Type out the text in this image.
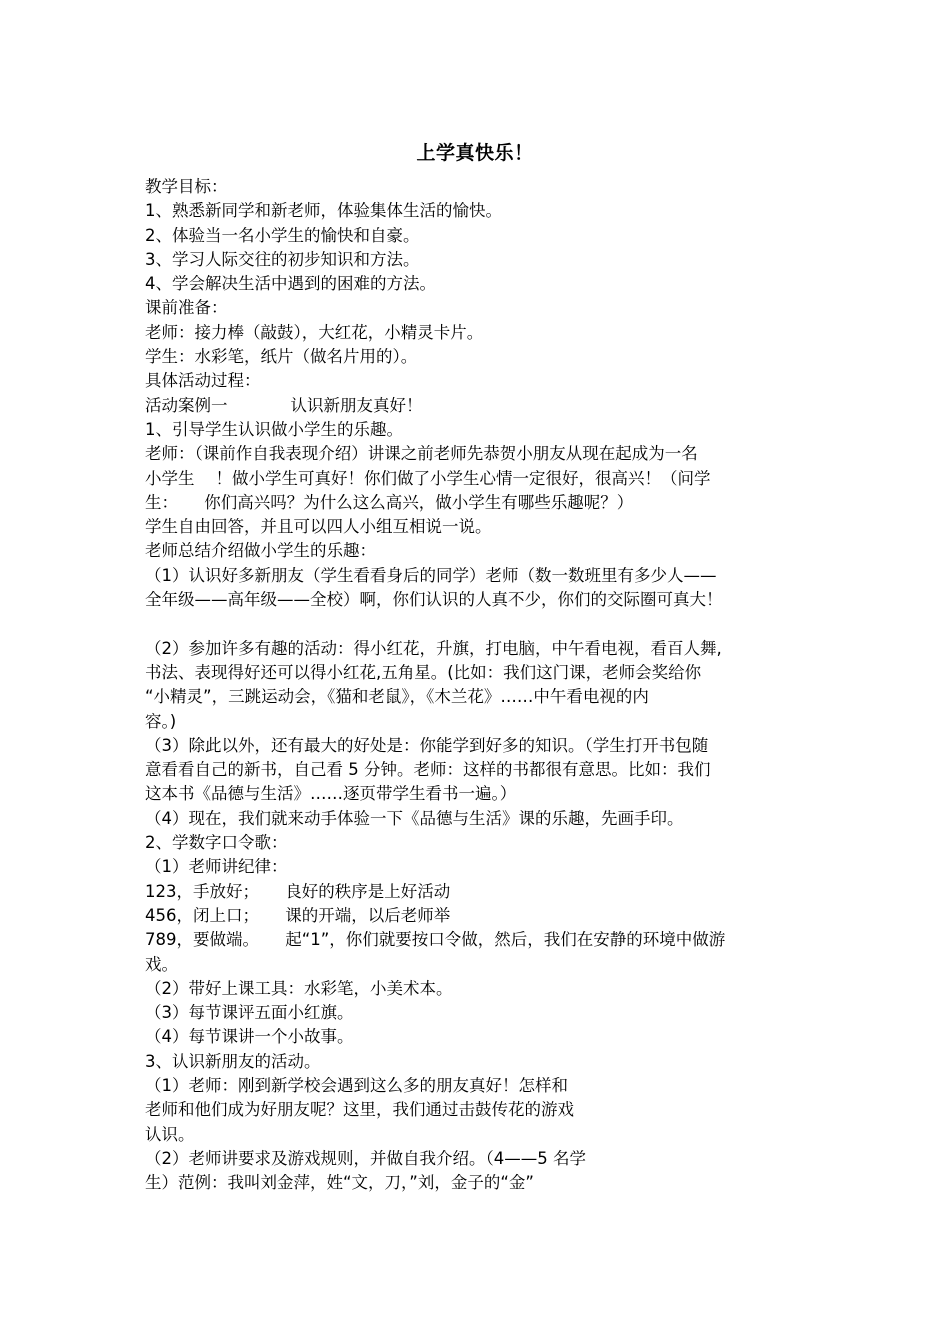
上学真快乐！
教学目标：
1、熟悉新同学和新老师，体验集体生活的愉快。
2、体验当一名小学生的愉快和自豪。
3、学习人际交往的初步知识和方法。
4、学会解决生活中遇到的困难的方法。
课前准备：
老师：接力棒（敲鼓），大红花，小精灵卡片。
学生：水彩笔，纸片（做名片用的）。
具体活动过程：
活动案例一            认识新朋友真好！
1、引导学生认识做小学生的乐趣。
老师：（课前作自我表现介绍）讲课之前老师先恭贺小朋友从现在起成为一名
小学生    ！做小学生可真好！你们做了小学生心情一定很好，很高兴！（问学
生：     你们高兴吗？为什么这么高兴，做小学生有哪些乐趣呢？）
学生自由回答，并且可以四人小组互相说一说。
老师总结介绍做小学生的乐趣：
（1）认识好多新朋友（学生看看身后的同学）老师（数一数班里有多少人——
全年级——高年级——全校）啊，你们认识的人真不少，你们的交际圈可真大！
（2）参加许多有趣的活动：得小红花，升旗，打电脑，中午看电视，看百人舞,
书法、表现得好还可以得小红花,五角星。(比如：我们这门课，老师会奖给你
“小精灵”，三跳运动会，《猫和老鼠》，《木兰花》……中午看电视的内
容。)
（3）除此以外，还有最大的好处是：你能学到好多的知识。（学生打开书包随
意看看自己的新书，自己看 5 分钟。老师：这样的书都很有意思。比如：我们
这本书《品德与生活》……逐页带学生看书一遍。）
（4）现在，我们就来动手体验一下《品德与生活》课的乐趣，先画手印。
2、学数字口令歌：
（1）老师讲纪律：
123，手放好；     良好的秩序是上好活动
456，闭上口；     课的开端，以后老师举
789，要做端。     起“1”，你们就要按口令做，然后，我们在安静的环境中做游
戏。
（2）带好上课工具：水彩笔，小美术本。
（3）每节课评五面小红旗。
（4）每节课讲一个小故事。
3、认识新朋友的活动。
（1）老师：刚到新学校会遇到这么多的朋友真好！怎样和
老师和他们成为好朋友呢？这里，我们通过击鼓传花的游戏
认识。
（2）老师讲要求及游戏规则，并做自我介绍。（4——5 名学
生）范例：我叫刘金萍，姓“文，刀，”刘，金子的“金”
